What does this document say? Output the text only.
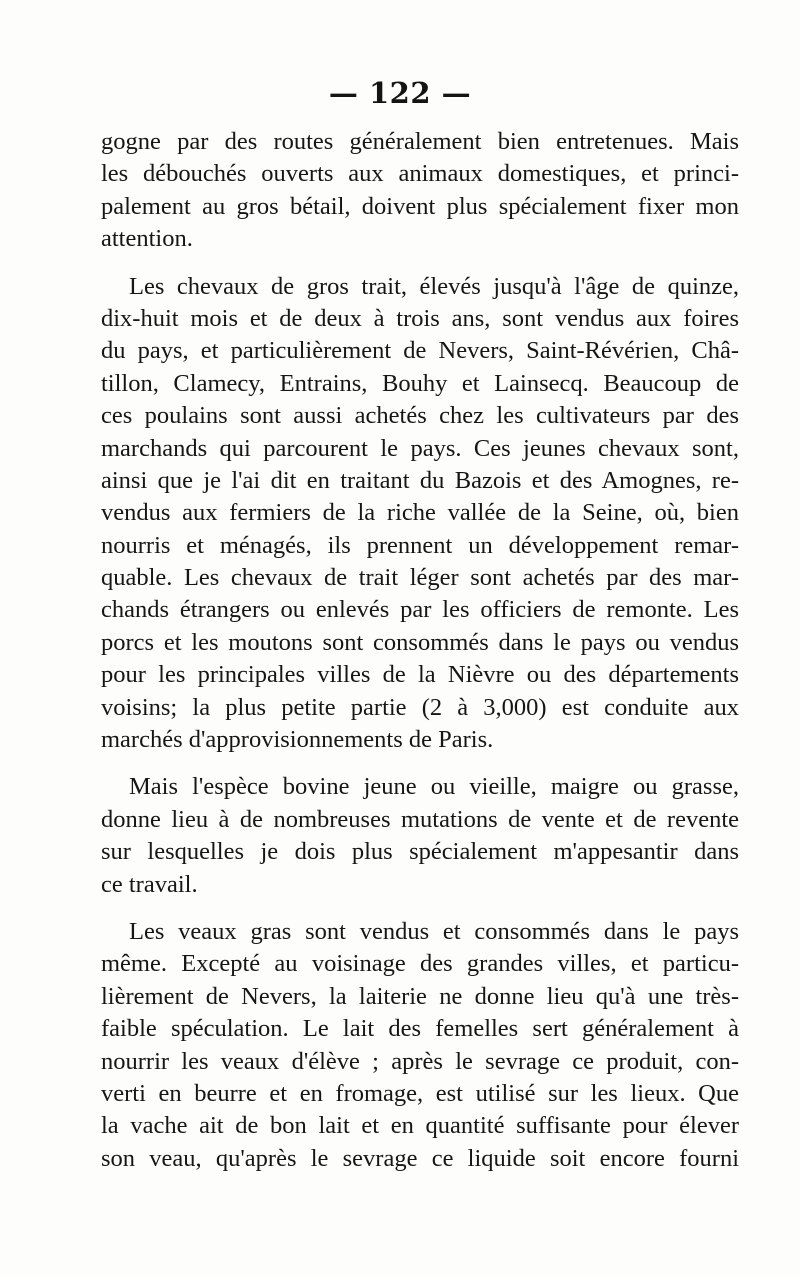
— 122 —
gogne par des routes généralement bien entretenues. Mais
les débouchés ouverts aux animaux domestiques, et princi-
palement au gros bétail, doivent plus spécialement fixer mon
attention.
Les chevaux de gros trait, élevés jusqu'à l'âge de quinze,
dix-huit mois et de deux à trois ans, sont vendus aux foires
du pays, et particulièrement de Nevers, Saint-Révérien, Châ-
tillon, Clamecy, Entrains, Bouhy et Lainsecq. Beaucoup de
ces poulains sont aussi achetés chez les cultivateurs par des
marchands qui parcourent le pays. Ces jeunes chevaux sont,
ainsi que je l'ai dit en traitant du Bazois et des Amognes, re-
vendus aux fermiers de la riche vallée de la Seine, où, bien
nourris et ménagés, ils prennent un développement remar-
quable. Les chevaux de trait léger sont achetés par des mar-
chands étrangers ou enlevés par les officiers de remonte. Les
porcs et les moutons sont consommés dans le pays ou vendus
pour les principales villes de la Nièvre ou des départements
voisins; la plus petite partie (2 à 3,000) est conduite aux
marchés d'approvisionnements de Paris.
Mais l'espèce bovine jeune ou vieille, maigre ou grasse,
donne lieu à de nombreuses mutations de vente et de revente
sur lesquelles je dois plus spécialement m'appesantir dans
ce travail.
Les veaux gras sont vendus et consommés dans le pays
même. Excepté au voisinage des grandes villes, et particu-
lièrement de Nevers, la laiterie ne donne lieu qu'à une très-
faible spéculation. Le lait des femelles sert généralement à
nourrir les veaux d'élève ; après le sevrage ce produit, con-
verti en beurre et en fromage, est utilisé sur les lieux. Que
la vache ait de bon lait et en quantité suffisante pour élever
son veau, qu'après le sevrage ce liquide soit encore fourni
